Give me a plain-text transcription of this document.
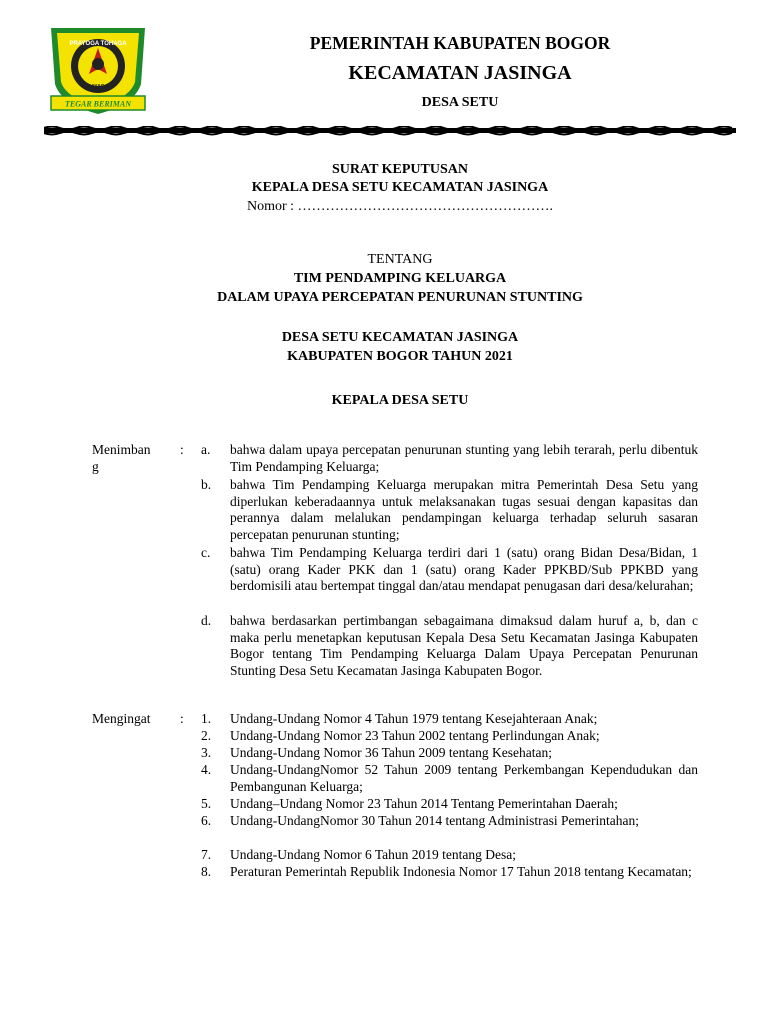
PRAYOGA TOHAGA
SAYAGA
TEGAR BERIMAN
PEMERINTAH KABUPATEN BOGOR
KECAMATAN JASINGA
DESA SETU
SURAT KEPUTUSAN
KEPALA DESA SETU KECAMATAN JASINGA
Nomor : ……………………………………………….
TENTANG
TIM PENDAMPING KELUARGA
DALAM UPAYA PERCEPATAN PENURUNAN STUNTING
DESA SETU KECAMATAN JASINGA
KABUPATEN BOGOR TAHUN 2021
KEPALA DESA SETU
Menimban g
: a. bahwa dalam upaya percepatan penurunan stunting yang lebih terarah, perlu dibentuk Tim Pendamping Keluarga;
b. bahwa Tim Pendamping Keluarga merupakan mitra Pemerintah Desa Setu yang diperlukan keberadaannya untuk melaksanakan tugas sesuai dengan kapasitas dan perannya dalam melalukan pendampingan keluarga terhadap seluruh sasaran percepatan penurunan stunting;
c. bahwa Tim Pendamping Keluarga terdiri dari 1 (satu) orang Bidan Desa/Bidan, 1 (satu) orang Kader PKK dan 1 (satu) orang Kader PPKBD/Sub PPKBD yang berdomisili atau bertempat tinggal dan/atau mendapat penugasan dari desa/kelurahan;
d. bahwa berdasarkan pertimbangan sebagaimana dimaksud dalam huruf a, b, dan c maka perlu menetapkan keputusan Kepala Desa Setu Kecamatan Jasinga Kabupaten Bogor tentang Tim Pendamping Keluarga Dalam Upaya Percepatan Penurunan Stunting Desa Setu Kecamatan Jasinga Kabupaten Bogor.
Mengingat	: 1. Undang-Undang Nomor 4 Tahun 1979 tentang Kesejahteraan Anak;
2. Undang-Undang Nomor 23 Tahun 2002 tentang Perlindungan Anak;
3. Undang-Undang Nomor 36 Tahun 2009 tentang Kesehatan;
4. Undang-UndangNomor 52 Tahun 2009 tentang Perkembangan Kependudukan dan Pembangunan Keluarga;
5. Undang–Undang Nomor 23 Tahun 2014 Tentang Pemerintahan Daerah;
6. Undang-UndangNomor 30 Tahun 2014 tentang Administrasi Pemerintahan;
7. Undang-Undang Nomor 6 Tahun 2019 tentang Desa;
8. Peraturan Pemerintah Republik Indonesia Nomor 17 Tahun 2018 tentang Kecamatan;
